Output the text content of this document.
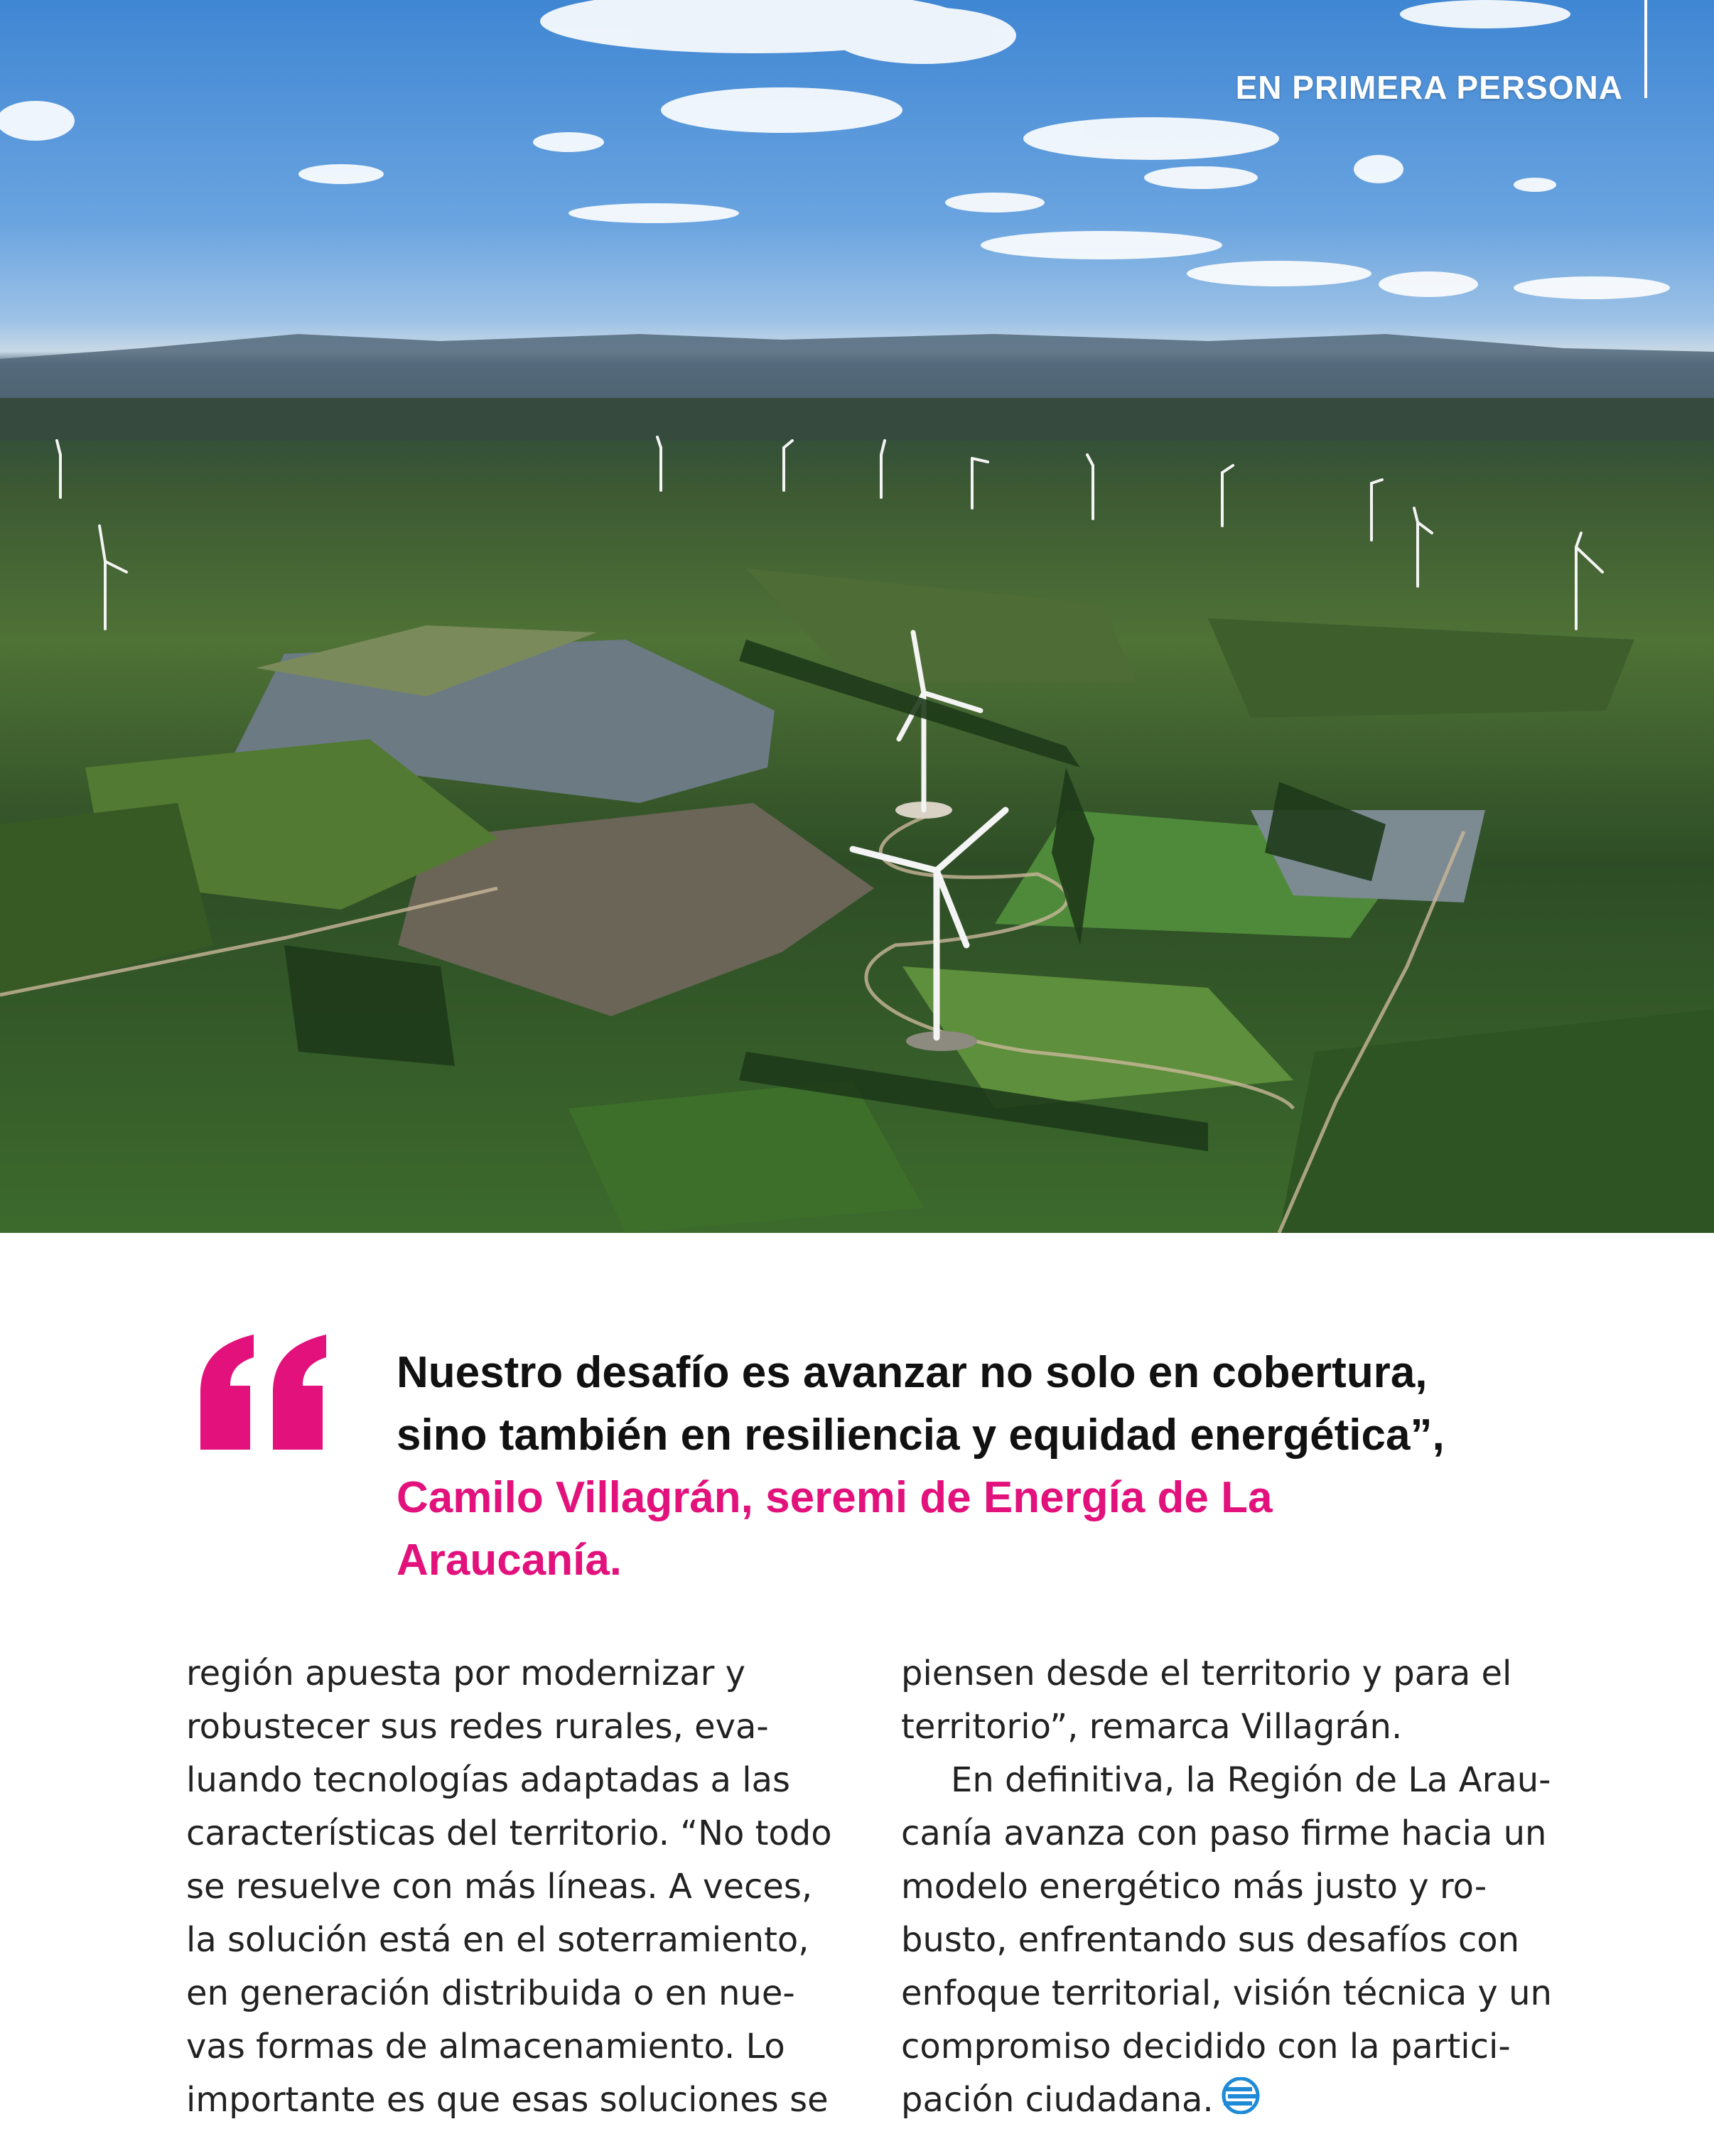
EN PRIMERA PERSONA
Nuestro desafío es avanzar no solo en cobertura,
sino también en resiliencia y equidad energética”,
Camilo Villagrán, seremi de Energía de La
Araucanía.
región apuesta por modernizar y
robustecer sus redes rurales, eva-
luando tecnologías adaptadas a las
características del territorio. “No todo
se resuelve con más líneas. A veces,
la solución está en el soterramiento,
en generación distribuida o en nue-
vas formas de almacenamiento. Lo
importante es que esas soluciones se
piensen desde el territorio y para el
territorio”, remarca Villagrán.
En definitiva, la Región de La Arau-
canía avanza con paso firme hacia un
modelo energético más justo y ro-
busto, enfrentando sus desafíos con
enfoque territorial, visión técnica y un
compromiso decidido con la partici-
pación ciudadana.
